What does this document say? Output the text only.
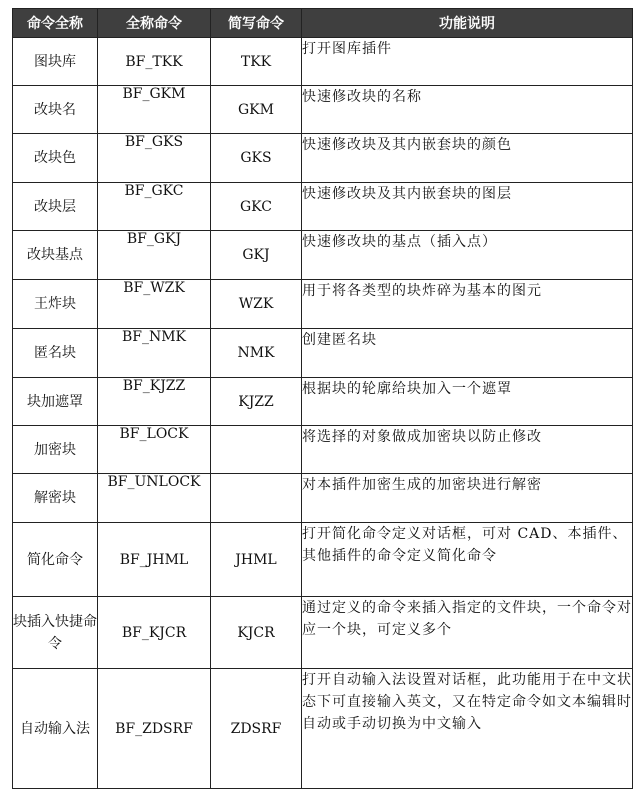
命令全称	全称命令	简写命令	功能说明
图块库	BF_TKK	TKK	打开图库插件
改块名	BF_GKM	GKM	快速修改块的名称
改块色	BF_GKS	GKS	快速修改块及其内嵌套块的颜色
改块层	BF_GKC	GKC	快速修改块及其内嵌套块的图层
改块基点	BF_GKJ	GKJ	快速修改块的基点（插入点）
王炸块	BF_WZK	WZK	用于将各类型的块炸碎为基本的图元
匿名块	BF_NMK	NMK	创建匿名块
块加遮罩	BF_KJZZ	KJZZ	根据块的轮廓给块加入一个遮罩
加密块	BF_LOCK		将选择的对象做成加密块以防止修改
解密块	BF_UNLOCK		对本插件加密生成的加密块进行解密
简化命令	BF_JHML	JHML	打开简化命令定义对话框，可对 CAD、本插件、其他插件的命令定义简化命令
块插入快捷命令	BF_KJCR	KJCR	通过定义的命令来插入指定的文件块，一个命令对应一个块，可定义多个
自动输入法	BF_ZDSRF	ZDSRF	打开自动输入法设置对话框，此功能用于在中文状态下可直接输入英文，又在特定命令如文本编辑时自动或手动切换为中文输入
